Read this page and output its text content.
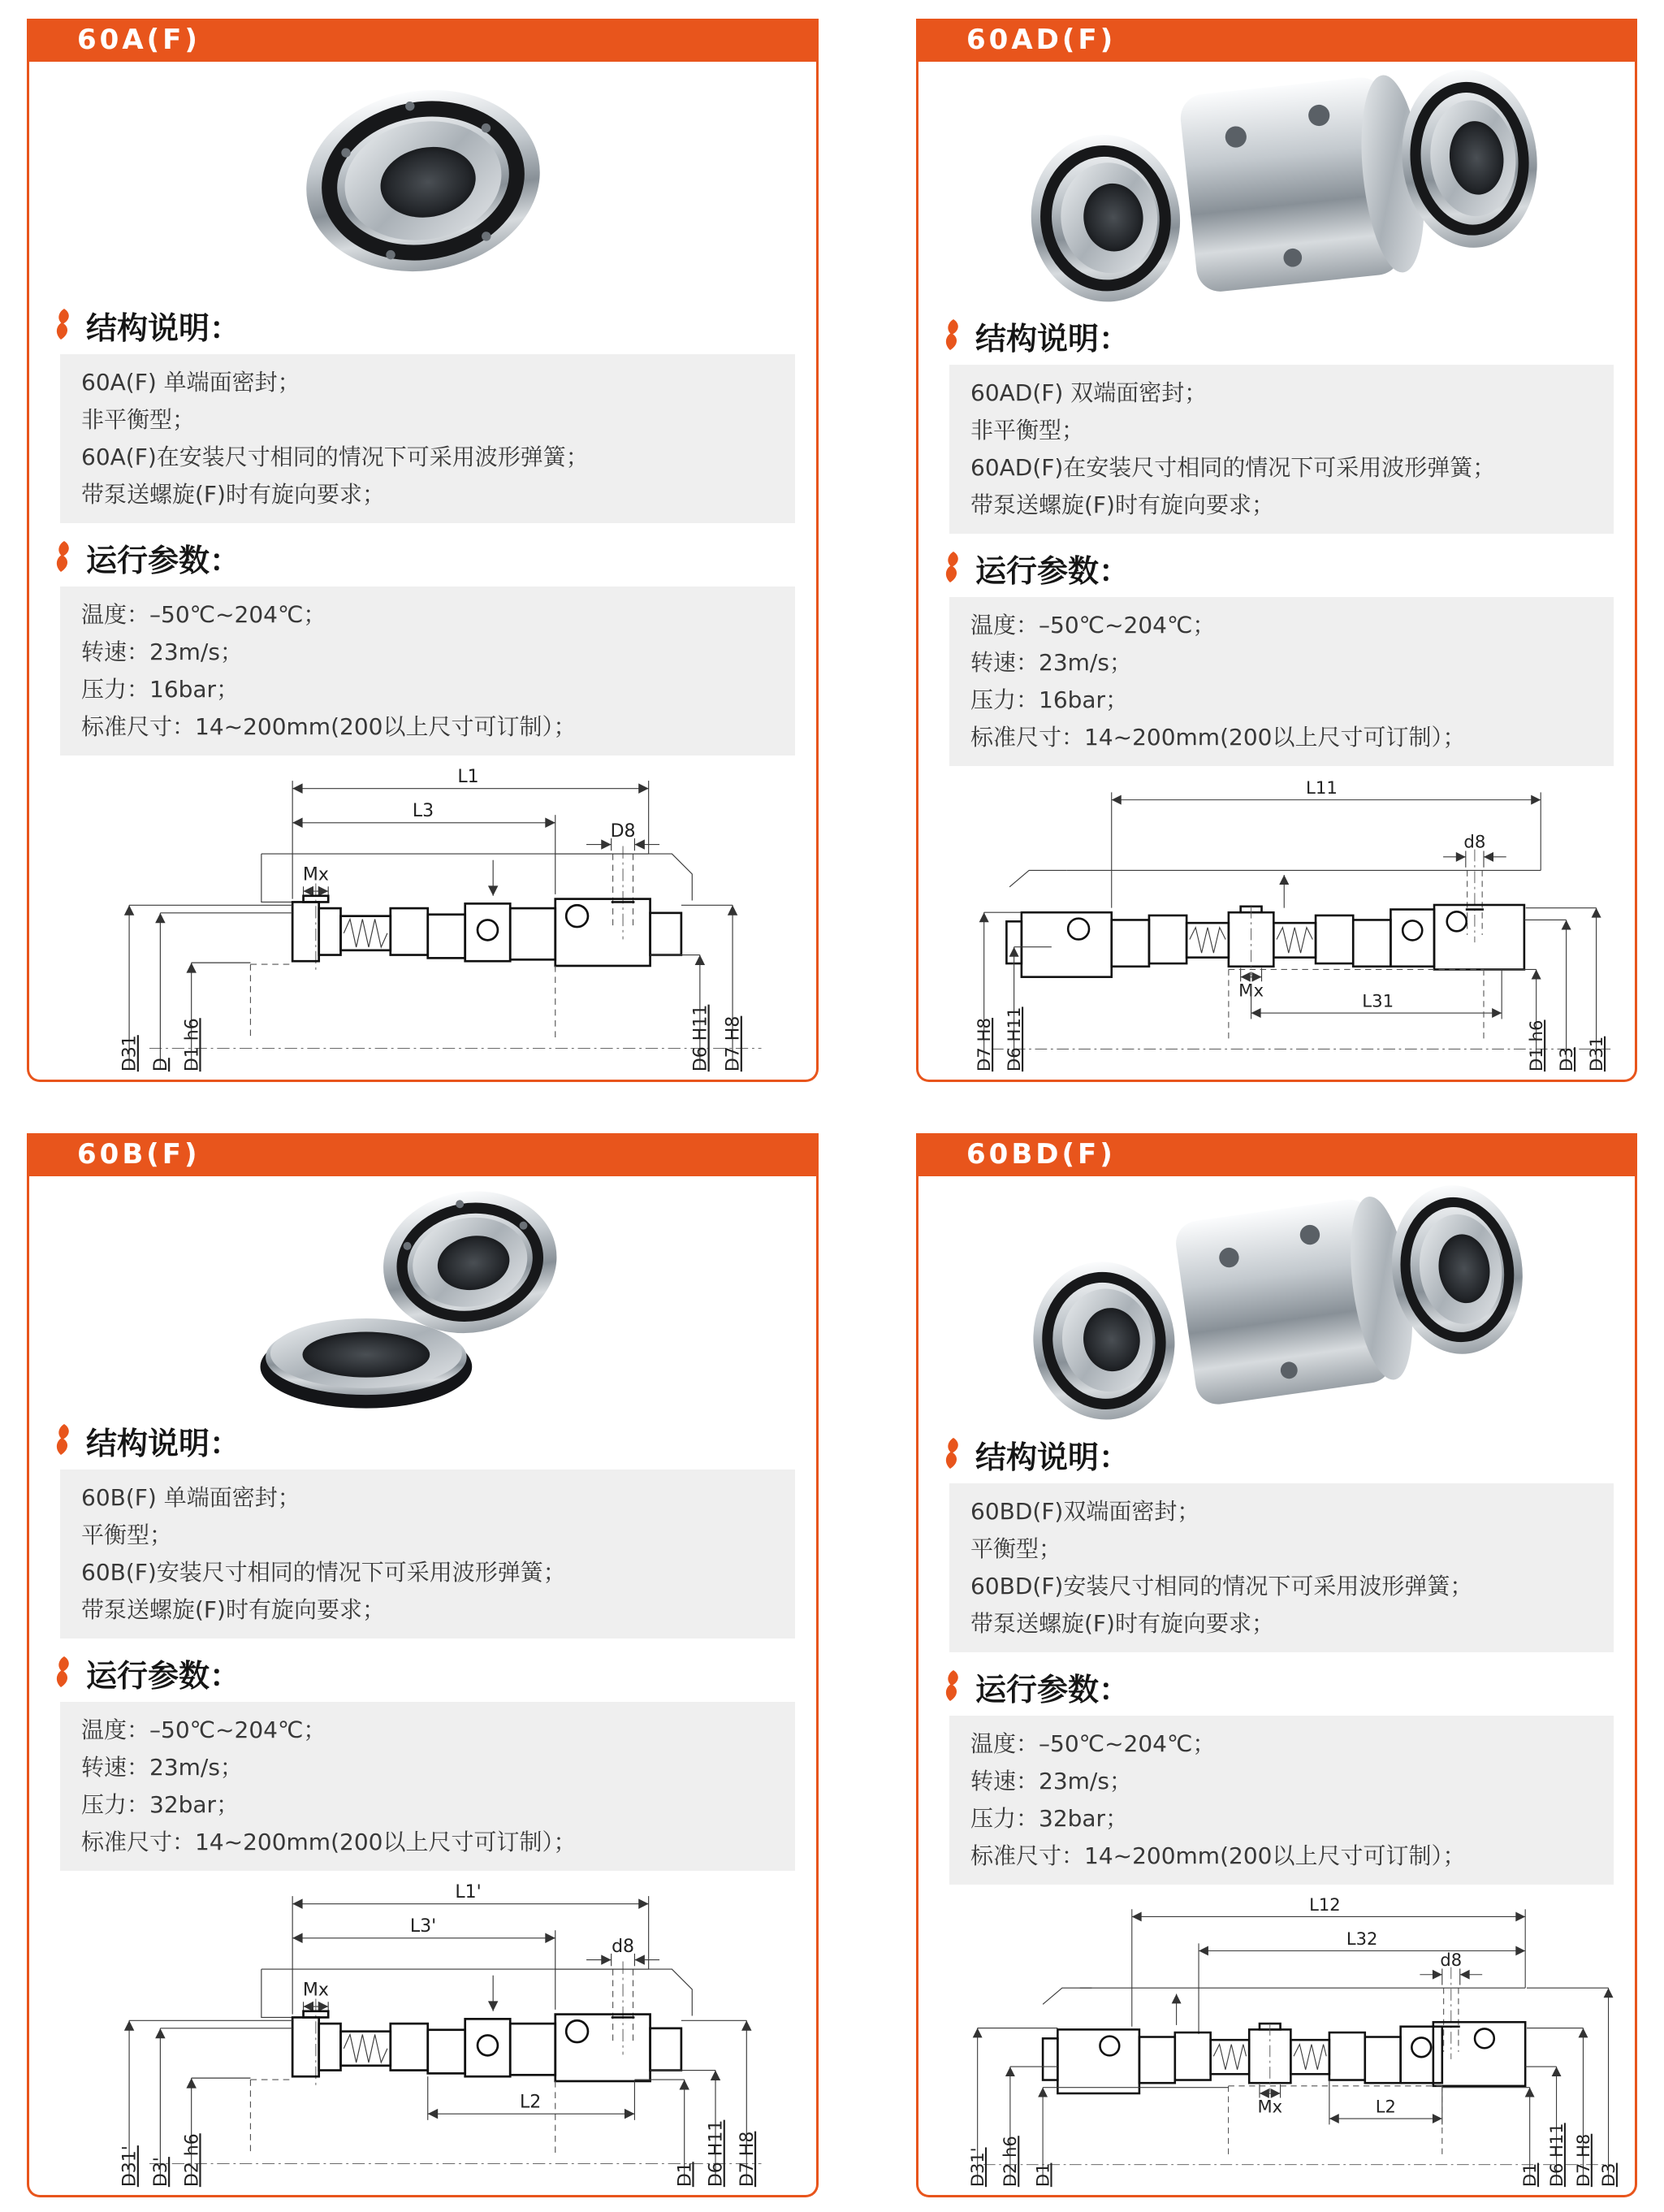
60A(F)
结构说明：
60A(F) 单端面密封；
非平衡型；
60A(F)在安装尺寸相同的情况下可采用波形弹簧；
带泵送螺旋(F)时有旋向要求；
运行参数：
温度：–50℃~204℃；
转速：23m/s；
压力：16bar；
标准尺寸：14~200mm(200以上尺寸可订制）；
L1
L3
D8
Mx
D31 D D1 h6	D6 H11 D7 H8
60AD(F)
结构说明：
60AD(F) 双端面密封；
非平衡型；
60AD(F)在安装尺寸相同的情况下可采用波形弹簧；
带泵送螺旋(F)时有旋向要求；
运行参数：
温度：–50℃~204℃；
转速：23m/s；
压力：16bar；
标准尺寸：14~200mm(200以上尺寸可订制）；
L11
d8
Mx
L31
D7 H8 D6 H11	D1 h6 D3 D31
60B(F)
结构说明：
60B(F) 单端面密封；
平衡型；
60B(F)安装尺寸相同的情况下可采用波形弹簧；
带泵送螺旋(F)时有旋向要求；
运行参数：
温度：–50℃~204℃；
转速：23m/s；
压力：32bar；
标准尺寸：14~200mm(200以上尺寸可订制）；
L1'
L3'
d8
Mx
L2
D31' D3' D2 h6	D1 D6 H11 D7 H8
60BD(F)
结构说明：
60BD(F)双端面密封；
平衡型；
60BD(F)安装尺寸相同的情况下可采用波形弹簧；
带泵送螺旋(F)时有旋向要求；
运行参数：
温度：–50℃~204℃；
转速：23m/s；
压力：32bar；
标准尺寸：14~200mm(200以上尺寸可订制）；
L12
L32
d8
Mx	L2
D31' D2 h6 D1	D1 D6 H11 D7 H8 D3
